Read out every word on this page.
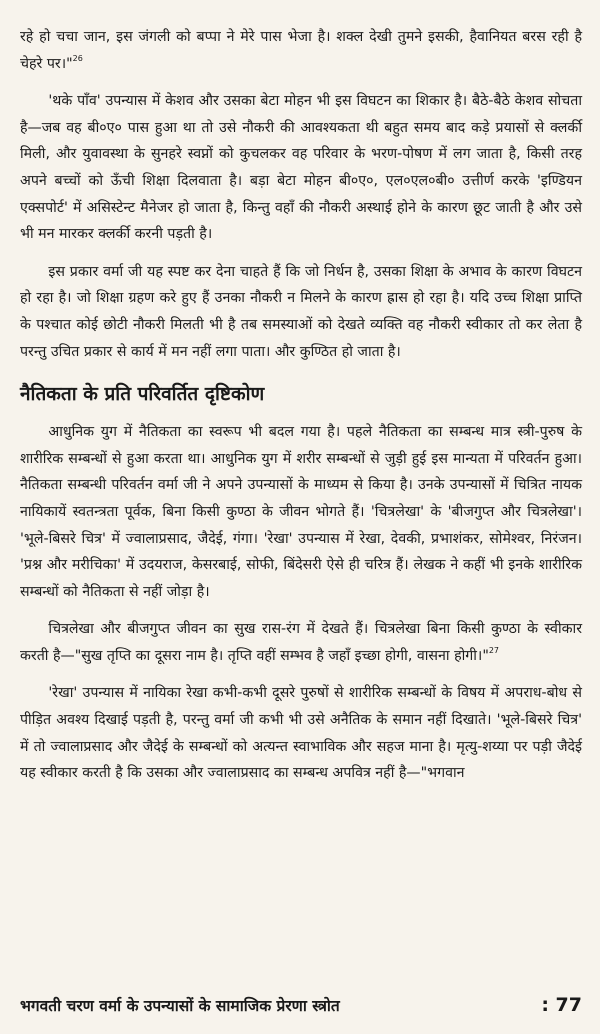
रहे हो चचा जान, इस जंगली को बप्पा ने मेरे पास भेजा है। शक्ल देखी तुमने इसकी, हैवानियत बरस रही है चेहरे पर।"$^{26}$

'थके पाँव' उपन्यास में केशव और उसका बेटा मोहन भी इस विघटन का शिकार है। बैठे-बैठे केशव सोचता है—जब वह बी०ए० पास हुआ था तो उसे नौकरी की आवश्यकता थी बहुत समय बाद कड़े प्रयासों से क्लर्की मिली, और युवावस्था के सुनहरे स्वप्नों को कुचलकर वह परिवार के भरण-पोषण में लग जाता है, किसी तरह अपने बच्चों को ऊँची शिक्षा दिलवाता है। बड़ा बेटा मोहन बी०ए०, एल०एल०बी० उत्तीर्ण करके 'इण्डियन एक्सपोर्ट' में असिस्टेन्ट मैनेजर हो जाता है, किन्तु वहाँ की नौकरी अस्थाई होने के कारण छूट जाती है और उसे भी मन मारकर क्लर्की करनी पड़ती है।

इस प्रकार वर्मा जी यह स्पष्ट कर देना चाहते हैं कि जो निर्धन है, उसका शिक्षा के अभाव के कारण विघटन हो रहा है। जो शिक्षा ग्रहण करे हुए हैं उनका नौकरी न मिलने के कारण ह्रास हो रहा है। यदि उच्च शिक्षा प्राप्ति के पश्चात कोई छोटी नौकरी मिलती भी है तब समस्याओं को देखते व्यक्ति वह नौकरी स्वीकार तो कर लेता है परन्तु उचित प्रकार से कार्य में मन नहीं लगा पाता। और कुण्ठित हो जाता है।

नैतिकता के प्रति परिवर्तित दृष्टिकोण

आधुनिक युग में नैतिकता का स्वरूप भी बदल गया है। पहले नैतिकता का सम्बन्ध मात्र स्त्री-पुरुष के शारीरिक सम्बन्धों से हुआ करता था। आधुनिक युग में शरीर सम्बन्धों से जुड़ी हुई इस मान्यता में परिवर्तन हुआ। नैतिकता सम्बन्धी परिवर्तन वर्मा जी ने अपने उपन्यासों के माध्यम से किया है। उनके उपन्यासों में चित्रित नायक नायिकायें स्वतन्त्रता पूर्वक, बिना किसी कुण्ठा के जीवन भोगते हैं। 'चित्रलेखा' के 'बीजगुप्त और चित्रलेखा'। 'भूले-बिसरे चित्र' में ज्वालाप्रसाद, जैदेई, गंगा। 'रेखा' उपन्यास में रेखा, देवकी, प्रभाशंकर, सोमेश्वर, निरंजन। 'प्रश्न और मरीचिका' में उदयराज, केसरबाई, सोफी, बिंदेसरी ऐसे ही चरित्र हैं। लेखक ने कहीं भी इनके शारीरिक सम्बन्धों को नैतिकता से नहीं जोड़ा है।

चित्रलेखा और बीजगुप्त जीवन का सुख रास-रंग में देखते हैं। चित्रलेखा बिना किसी कुण्ठा के स्वीकार करती है—"सुख तृप्ति का दूसरा नाम है। तृप्ति वहीं सम्भव है जहाँ इच्छा होगी, वासना होगी।"$^{27}$

'रेखा' उपन्यास में नायिका रेखा कभी-कभी दूसरे पुरुषों से शारीरिक सम्बन्धों के विषय में अपराध-बोध से पीड़ित अवश्य दिखाई पड़ती है, परन्तु वर्मा जी कभी भी उसे अनैतिक के समान नहीं दिखाते। 'भूले-बिसरे चित्र' में तो ज्वालाप्रसाद और जैदेई के सम्बन्धों को अत्यन्त स्वाभाविक और सहज माना है। मृत्यु-शय्या पर पड़ी जैदेई यह स्वीकार करती है कि उसका और ज्वालाप्रसाद का सम्बन्ध अपवित्र नहीं है—"भगवान

भगवती चरण वर्मा के उपन्यासों के सामाजिक प्रेरणा स्त्रोत	: 77
